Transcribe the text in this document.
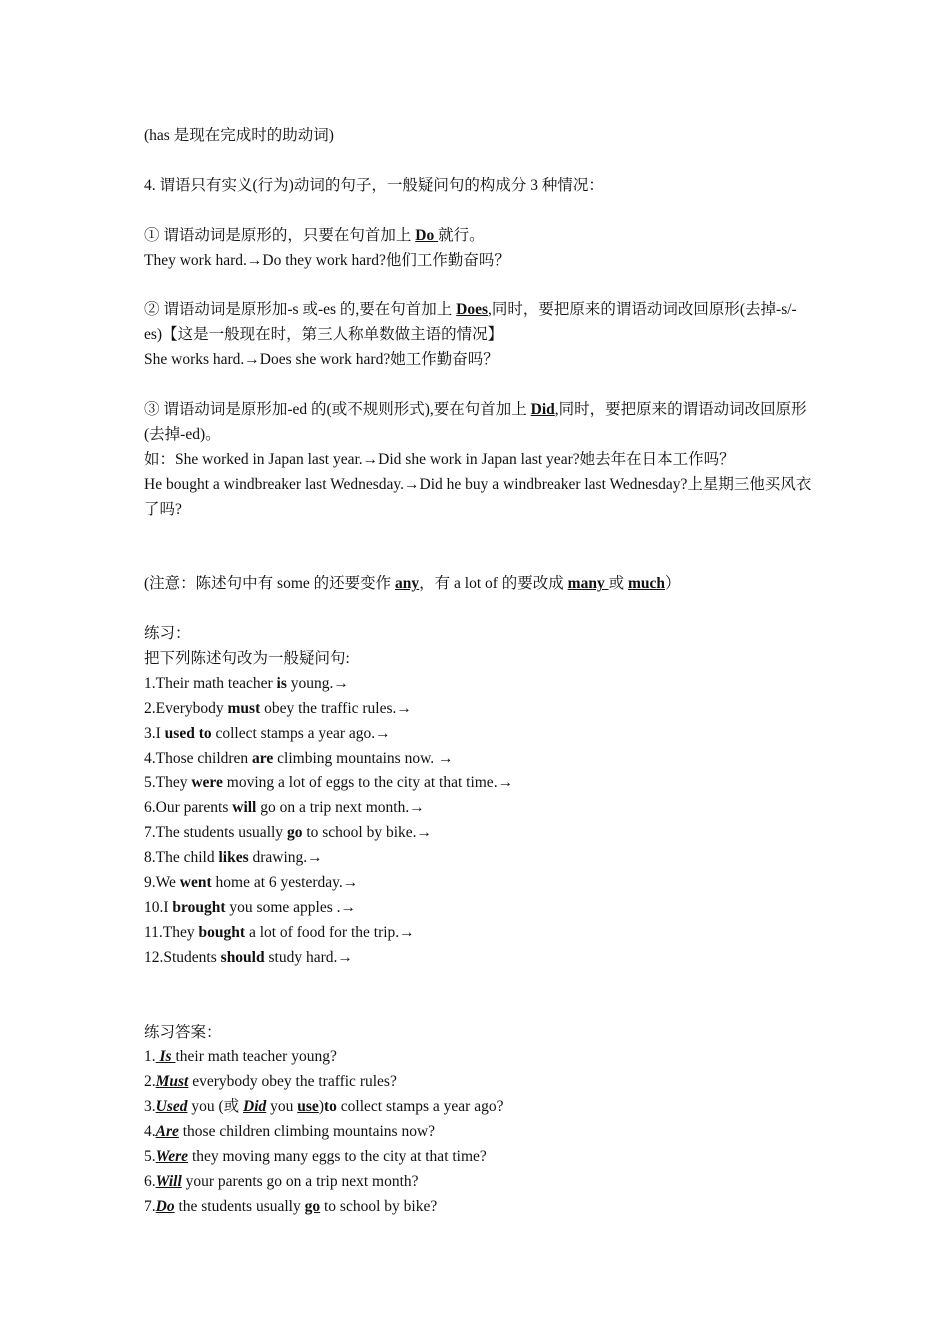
(has 是现在完成时的助动词)
4. 谓语只有实义(行为)动词的句子，一般疑问句的构成分 3 种情况：
① 谓语动词是原形的，只要在句首加上 Do 就行。
They work hard.→Do they work hard?他们工作勤奋吗？
② 谓语动词是原形加-s 或-es 的,要在句首加上 Does,同时，要把原来的谓语动词改回原形(去掉-s/-es)【这是一般现在时，第三人称单数做主语的情况】
She works hard.→Does she work hard?她工作勤奋吗？
③ 谓语动词是原形加-ed 的(或不规则形式),要在句首加上 Did,同时，要把原来的谓语动词改回原形(去掉-ed)。
如：She worked in Japan last year.→Did she work in Japan last year?她去年在日本工作吗？
He bought a windbreaker last Wednesday.→Did he buy a windbreaker last Wednesday?上星期三他买风衣了吗?
(注意：陈述句中有 some 的还要变作 any，有 a lot of 的要改成 many 或 much）
练习：
把下列陈述句改为一般疑问句:
1.Their math teacher is young.→
2.Everybody must obey the traffic rules.→
3.I used to collect stamps a year ago.→
4.Those children are climbing mountains now. →
5.They were moving a lot of eggs to the city at that time.→
6.Our parents will go on a trip next month.→
7.The students usually go to school by bike.→
8.The child likes drawing.→
9.We went home at 6 yesterday.→
10.I brought you some apples .→
11.They bought a lot of food for the trip.→
12.Students should study hard.→
练习答案：
1. Is their math teacher young?
2.Must everybody obey the traffic rules?
3.Used you (或 Did you use)to collect stamps a year ago?
4.Are those children climbing mountains now?
5.Were they moving many eggs to the city at that time?
6.Will your parents go on a trip next month?
7.Do the students usually go to school by bike?
